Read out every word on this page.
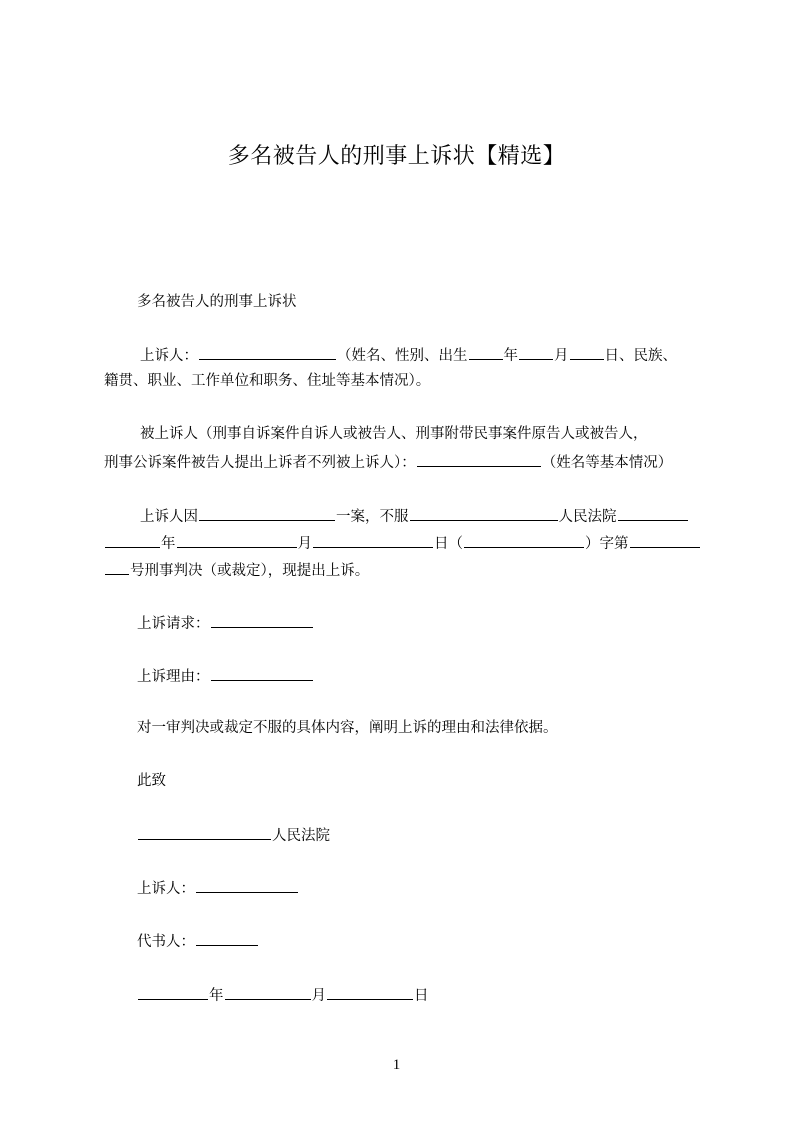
多名被告人的刑事上诉状【精选】
多名被告人的刑事上诉状
上诉人：	（姓名、性别、出生 年 月 日、民族、
籍贯、职业、工作单位和职务、住址等基本情况）。
被上诉人（刑事自诉案件自诉人或被告人、刑事附带民事案件原告人或被告人，
刑事公诉案件被告人提出上诉者不列被上诉人）：	（姓名等基本情况）
上诉人因	一案，不服	人民法院
年	月	日（	）字第
号刑事判决（或裁定），现提出上诉。
上诉请求：
上诉理由：
对一审判决或裁定不服的具体内容，阐明上诉的理由和法律依据。
此致
人民法院
上诉人：
代书人：
年	月	日
1
